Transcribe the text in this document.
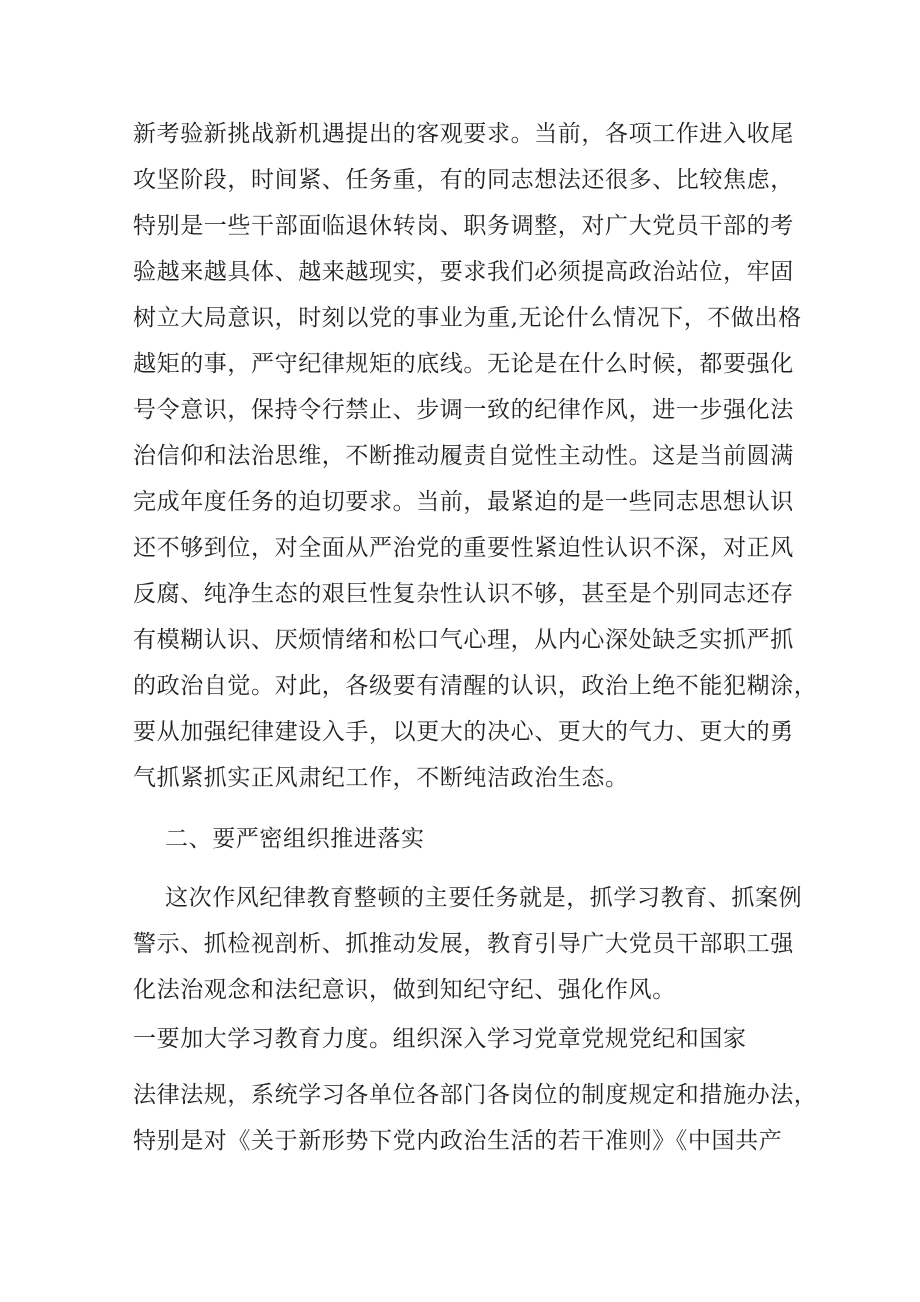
新考验新挑战新机遇提出的客观要求。当前，各项工作进入收尾
攻坚阶段，时间紧、任务重，有的同志想法还很多、比较焦虑，
特别是一些干部面临退休转岗、职务调整，对广大党员干部的考
验越来越具体、越来越现实，要求我们必须提高政治站位，牢固
树立大局意识，时刻以党的事业为重,无论什么情况下，不做出格
越矩的事，严守纪律规矩的底线。无论是在什么时候，都要强化
号令意识，保持令行禁止、步调一致的纪律作风，进一步强化法
治信仰和法治思维，不断推动履责自觉性主动性。这是当前圆满
完成年度任务的迫切要求。当前，最紧迫的是一些同志思想认识
还不够到位，对全面从严治党的重要性紧迫性认识不深，对正风
反腐、纯净生态的艰巨性复杂性认识不够，甚至是个别同志还存
有模糊认识、厌烦情绪和松口气心理，从内心深处缺乏实抓严抓
的政治自觉。对此，各级要有清醒的认识，政治上绝不能犯糊涂，
要从加强纪律建设入手，以更大的决心、更大的气力、更大的勇
气抓紧抓实正风肃纪工作，不断纯洁政治生态。
二、要严密组织推进落实
这次作风纪律教育整顿的主要任务就是，抓学习教育、抓案例
警示、抓检视剖析、抓推动发展，教育引导广大党员干部职工强
化法治观念和法纪意识，做到知纪守纪、强化作风。
一要加大学习教育力度。组织深入学习党章党规党纪和国家
法律法规，系统学习各单位各部门各岗位的制度规定和措施办法，
特别是对《关于新形势下党内政治生活的若干准则》《中国共产
